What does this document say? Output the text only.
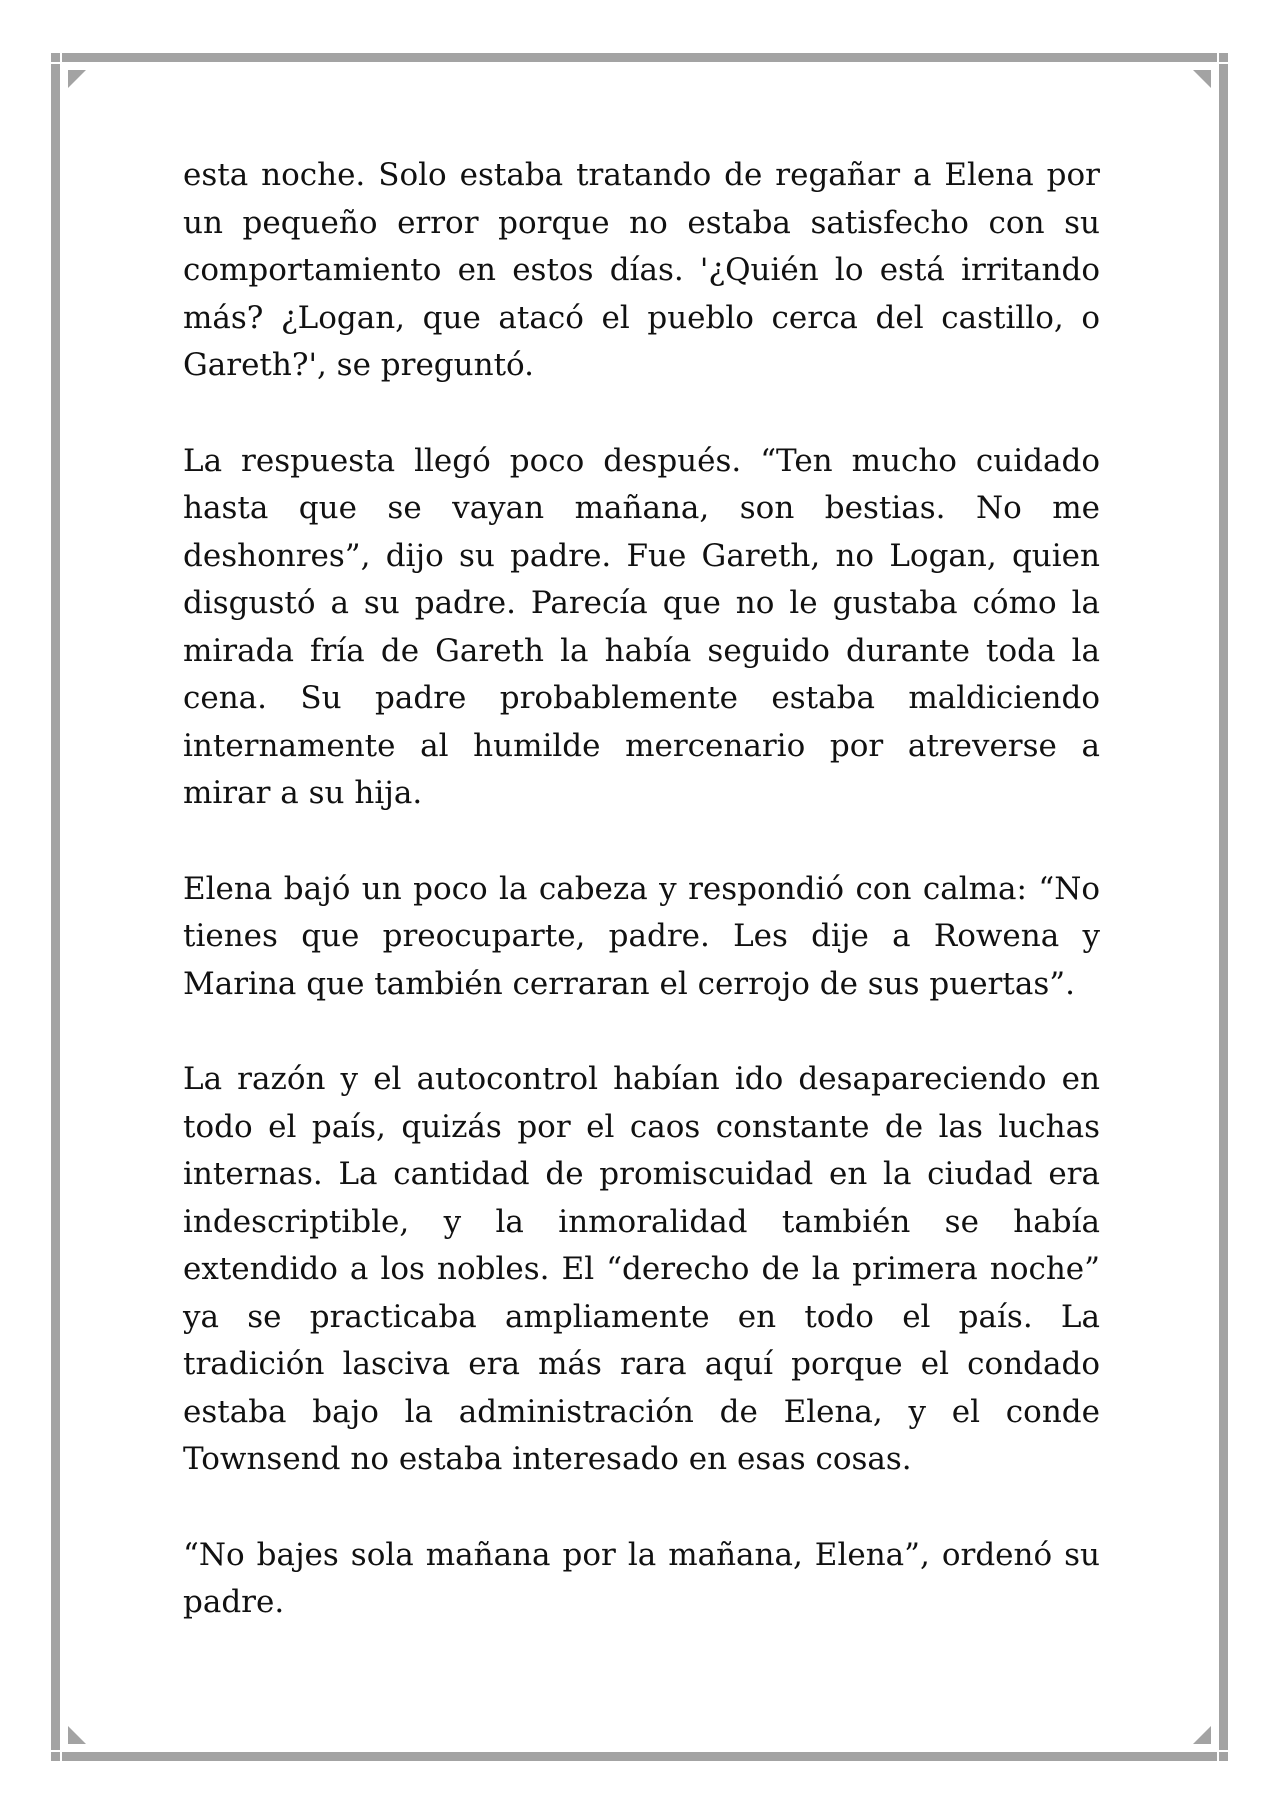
esta noche. Solo estaba tratando de regañar a Elena por un pequeño error porque no estaba satisfecho con su comportamiento en estos días. '¿Quién lo está irritando más? ¿Logan, que atacó el pueblo cerca del castillo, o Gareth?', se preguntó.

La respuesta llegó poco después. “Ten mucho cuidado hasta que se vayan mañana, son bestias. No me deshonres”, dijo su padre. Fue Gareth, no Logan, quien disgustó a su padre. Parecía que no le gustaba cómo la mirada fría de Gareth la había seguido durante toda la cena. Su padre probablemente estaba maldiciendo internamente al humilde mercenario por atreverse a mirar a su hija.

Elena bajó un poco la cabeza y respondió con calma: “No tienes que preocuparte, padre. Les dije a Rowena y Marina que también cerraran el cerrojo de sus puertas”.

La razón y el autocontrol habían ido desapareciendo en todo el país, quizás por el caos constante de las luchas internas. La cantidad de promiscuidad en la ciudad era indescriptible, y la inmoralidad también se había extendido a los nobles. El “derecho de la primera noche” ya se practicaba ampliamente en todo el país. La tradición lasciva era más rara aquí porque el condado estaba bajo la administración de Elena, y el conde Townsend no estaba interesado en esas cosas.

“No bajes sola mañana por la mañana, Elena”, ordenó su padre.
